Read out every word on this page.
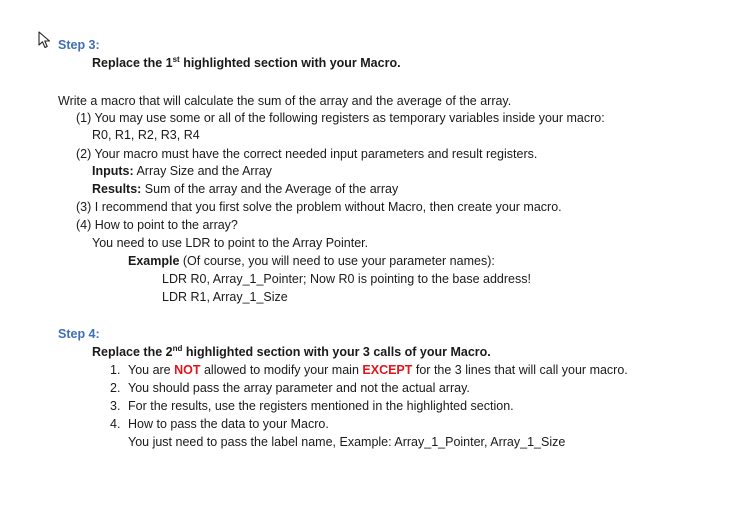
Step 3:
Replace the 1st highlighted section with your Macro.
Write a macro that will calculate the sum of the array and the average of the array.
(1) You may use some or all of the following registers as temporary variables inside your macro:
R0, R1, R2, R3, R4
(2) Your macro must have the correct needed input parameters and result registers.
Inputs: Array Size and the Array
Results: Sum of the array and the Average of the array
(3) I recommend that you first solve the problem without Macro, then create your macro.
(4) How to point to the array?
You need to use LDR to point to the Array Pointer.
Example (Of course, you will need to use your parameter names):
LDR R0, Array_1_Pointer; Now R0 is pointing to the base address!
LDR R1, Array_1_Size
Step 4:
Replace the 2nd highlighted section with your 3 calls of your Macro.
1. You are NOT allowed to modify your main EXCEPT for the 3 lines that will call your macro.
2. You should pass the array parameter and not the actual array.
3. For the results, use the registers mentioned in the highlighted section.
4. How to pass the data to your Macro.
You just need to pass the label name, Example: Array_1_Pointer, Array_1_Size
